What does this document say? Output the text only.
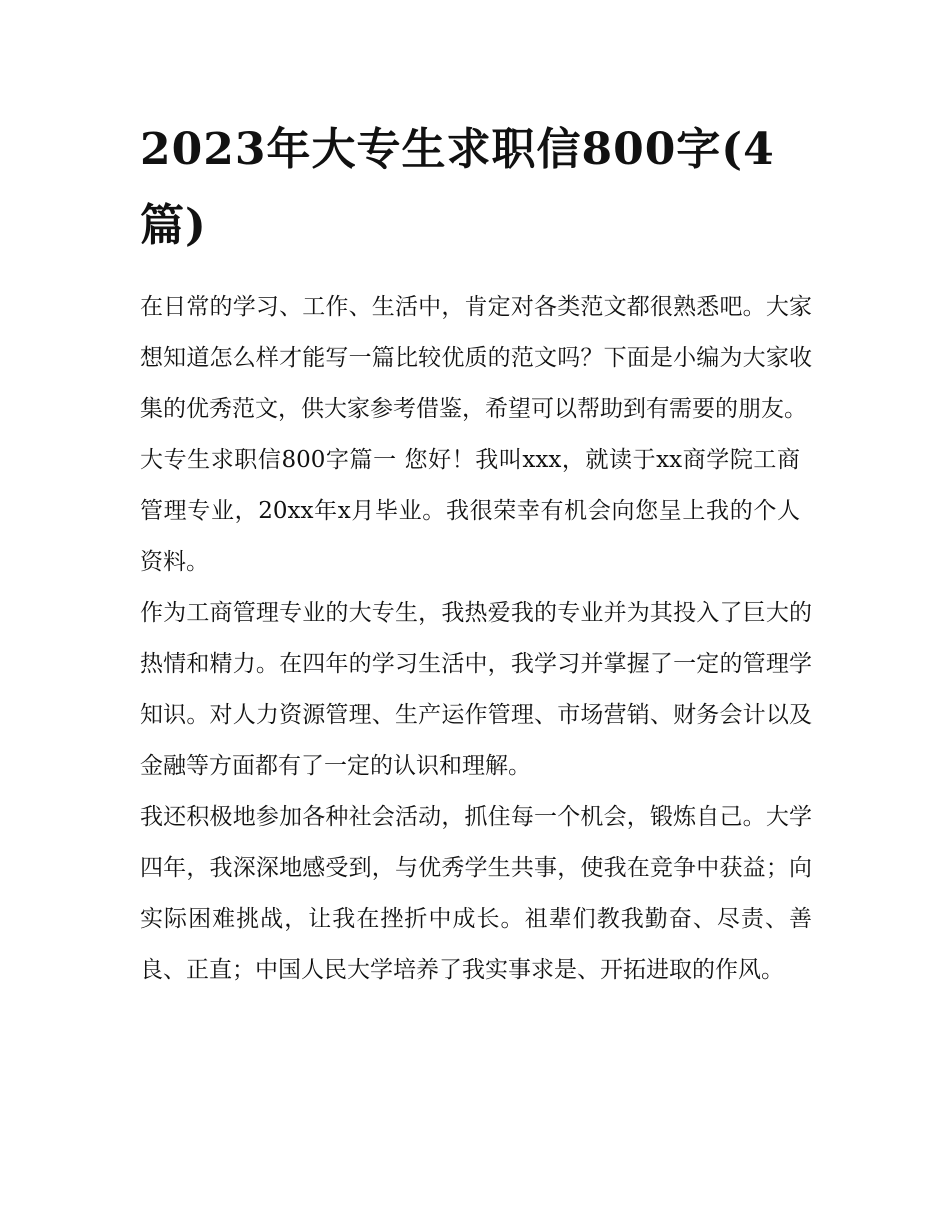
2023年大专生求职信800字(4篇)

在日常的学习、工作、生活中，肯定对各类范文都很熟悉吧。大家想知道怎么样才能写一篇比较优质的范文吗？下面是小编为大家收集的优秀范文，供大家参考借鉴，希望可以帮助到有需要的朋友。

大专生求职信800字篇一 您好！我叫xxx，就读于xx商学院工商管理专业，20xx年x月毕业。我很荣幸有机会向您呈上我的个人资料。

作为工商管理专业的大专生，我热爱我的专业并为其投入了巨大的热情和精力。在四年的学习生活中，我学习并掌握了一定的管理学知识。对人力资源管理、生产运作管理、市场营销、财务会计以及金融等方面都有了一定的认识和理解。

我还积极地参加各种社会活动，抓住每一个机会，锻炼自己。大学四年，我深深地感受到，与优秀学生共事，使我在竞争中获益；向实际困难挑战，让我在挫折中成长。祖辈们教我勤奋、尽责、善良、正直；中国人民大学培养了我实事求是、开拓进取的作风。
